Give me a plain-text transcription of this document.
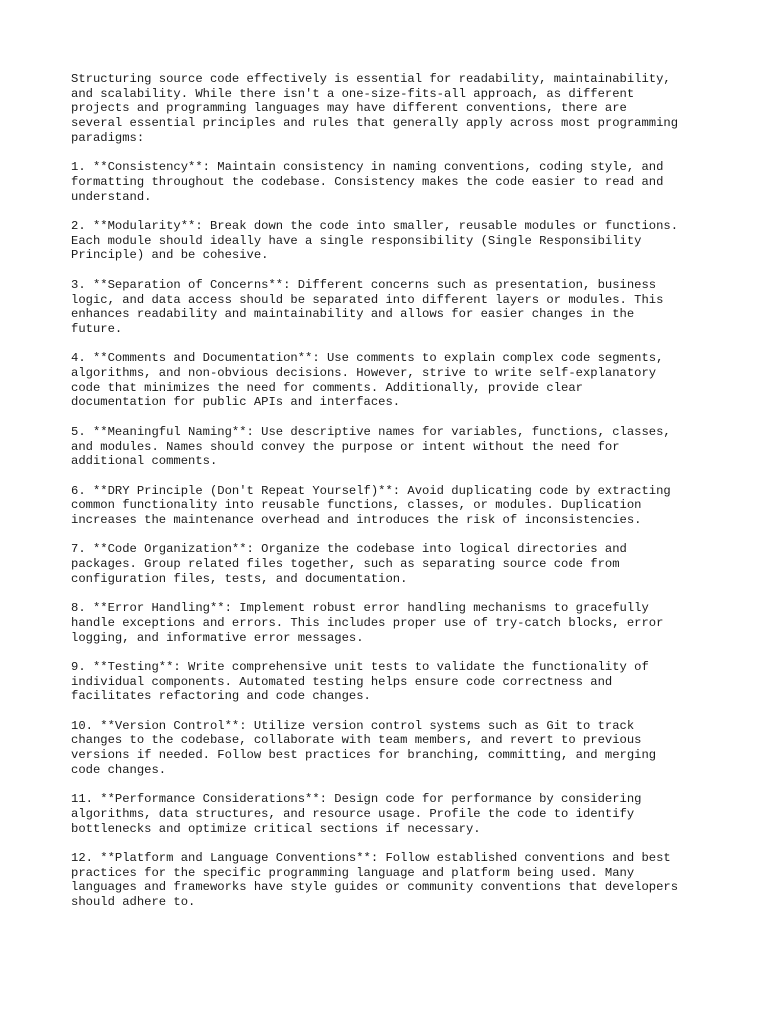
Structuring source code effectively is essential for readability, maintainability,
and scalability. While there isn't a one-size-fits-all approach, as different
projects and programming languages may have different conventions, there are
several essential principles and rules that generally apply across most programming
paradigms:

1. **Consistency**: Maintain consistency in naming conventions, coding style, and
formatting throughout the codebase. Consistency makes the code easier to read and
understand.

2. **Modularity**: Break down the code into smaller, reusable modules or functions.
Each module should ideally have a single responsibility (Single Responsibility
Principle) and be cohesive.

3. **Separation of Concerns**: Different concerns such as presentation, business
logic, and data access should be separated into different layers or modules. This
enhances readability and maintainability and allows for easier changes in the
future.

4. **Comments and Documentation**: Use comments to explain complex code segments,
algorithms, and non-obvious decisions. However, strive to write self-explanatory
code that minimizes the need for comments. Additionally, provide clear
documentation for public APIs and interfaces.

5. **Meaningful Naming**: Use descriptive names for variables, functions, classes,
and modules. Names should convey the purpose or intent without the need for
additional comments.

6. **DRY Principle (Don't Repeat Yourself)**: Avoid duplicating code by extracting
common functionality into reusable functions, classes, or modules. Duplication
increases the maintenance overhead and introduces the risk of inconsistencies.

7. **Code Organization**: Organize the codebase into logical directories and
packages. Group related files together, such as separating source code from
configuration files, tests, and documentation.

8. **Error Handling**: Implement robust error handling mechanisms to gracefully
handle exceptions and errors. This includes proper use of try-catch blocks, error
logging, and informative error messages.

9. **Testing**: Write comprehensive unit tests to validate the functionality of
individual components. Automated testing helps ensure code correctness and
facilitates refactoring and code changes.

10. **Version Control**: Utilize version control systems such as Git to track
changes to the codebase, collaborate with team members, and revert to previous
versions if needed. Follow best practices for branching, committing, and merging
code changes.

11. **Performance Considerations**: Design code for performance by considering
algorithms, data structures, and resource usage. Profile the code to identify
bottlenecks and optimize critical sections if necessary.

12. **Platform and Language Conventions**: Follow established conventions and best
practices for the specific programming language and platform being used. Many
languages and frameworks have style guides or community conventions that developers
should adhere to.
